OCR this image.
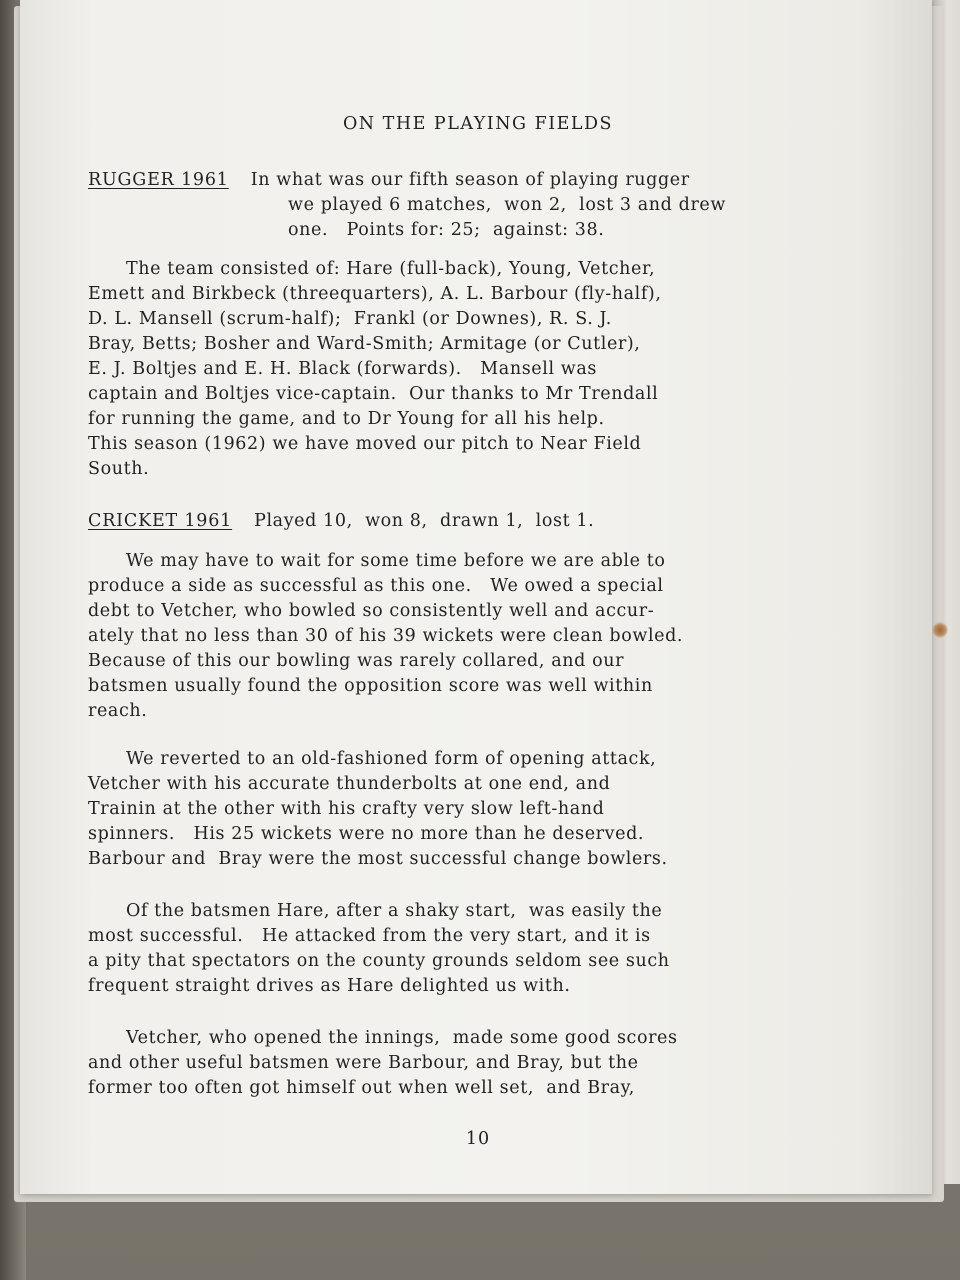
ON THE PLAYING FIELDS
RUGGER 1961 In what was our fifth season of playing rugger
we played 6 matches,  won 2,  lost 3 and drew
one.   Points for: 25;  against: 38.
The team consisted of: Hare (full-back), Young, Vetcher,
Emett and Birkbeck (threequarters), A. L. Barbour (fly-half),
D. L. Mansell (scrum-half);  Frankl (or Downes), R. S. J.
Bray, Betts; Bosher and Ward-Smith; Armitage (or Cutler),
E. J. Boltjes and E. H. Black (forwards).   Mansell was
captain and Boltjes vice-captain.  Our thanks to Mr Trendall
for running the game, and to Dr Young for all his help.
This season (1962) we have moved our pitch to Near Field
South.
CRICKET 1961 Played 10,  won 8,  drawn 1,  lost 1.
We may have to wait for some time before we are able to
produce a side as successful as this one.   We owed a special
debt to Vetcher, who bowled so consistently well and accur-
ately that no less than 30 of his 39 wickets were clean bowled.
Because of this our bowling was rarely collared, and our
batsmen usually found the opposition score was well within
reach.
We reverted to an old-fashioned form of opening attack,
Vetcher with his accurate thunderbolts at one end, and
Trainin at the other with his crafty very slow left-hand
spinners.   His 25 wickets were no more than he deserved.
Barbour and  Bray were the most successful change bowlers.
Of the batsmen Hare, after a shaky start,  was easily the
most successful.   He attacked from the very start, and it is
a pity that spectators on the county grounds seldom see such
frequent straight drives as Hare delighted us with.
Vetcher, who opened the innings,  made some good scores
and other useful batsmen were Barbour, and Bray, but the
former too often got himself out when well set,  and Bray,
10
